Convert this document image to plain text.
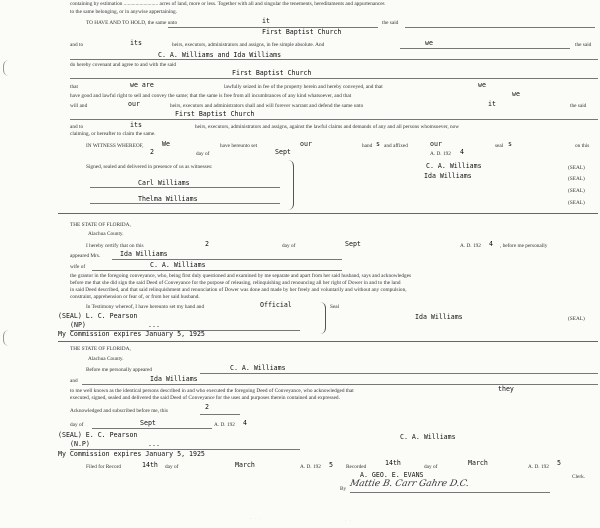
containing by estimation .......................... acres of land, more or less. Together with all and singular the tenements, hereditaments and appurtenances
to the same belonging, or in anywise appertaining.
TO HAVE AND TO HOLD, the same unto	it	the said
First Baptist Church
and to	its	heirs, executors, administrators and assigns, in fee simple absolute. And	we	the said
C. A. Williams and Ida Williams
do hereby covenant and agree to and with the said
First Baptist Church
that	we are	lawfully seized in fee of the property herein and hereby conveyed, and that	we
have good and lawful right to sell and convey the same; that the same is free from all incumbrances of any kind whatsoever, and that	we
will and	our	heirs, executors and administrators shall and will forever warrant and defend the same unto	it	the said
First Baptist Church
and to	its	heirs, executors, administrators and assigns, against the lawful claims and demands of any and all persons whomsoever, now
claiming, or hereafter to claim the same.
IN WITNESS WHEREOF,	We	have hereunto set	our	hand s and affixed	our	seal s	on this
2	day of	Sept	A. D. 192 4
Signed, sealed and delivered in presence of us as witnesses:	C. A. Williams	(SEAL)
Ida Williams	(SEAL)
(SEAL)
(SEAL)
Carl Williams
Thelma Williams
THE STATE OF FLORIDA,
Alachua County.
I hereby certify that on this	2	day of	Sept	A. D. 192 4 , before me personally
appeared Mrs.	Ida Williams
wife of	C. A. Williams
the grantor in the foregoing conveyance, who, being first duly questioned and examined by me separate and apart from her said husband, says and acknowledges
before me that she did sign the said Deed of Conveyance for the purpose of releasing, relinquishing and renouncing all her right of Dower in and to the land
in said Deed described, and that said relinquishment and renunciation of Dower was done and made by her freely and voluntarily and without any compulsion,
constraint, apprehension or fear of, or from her said husband.
In Testimony whereof, I have hereunto set my hand and	Official	Seal
(SEAL) L. C. Pearson
(NP)	...
Ida Williams	(SEAL)
My Commission expires January 5, 1925
THE STATE OF FLORIDA,
Alachua County.
Before me personally appeared	C. A. Williams
and	Ida Williams
to me well known as the identical persons described in and who executed the foregoing Deed of Conveyance, who acknowledged that	they
executed, signed, sealed and delivered the said Deed of Conveyance for the uses and purposes therein contained and expressed.
Acknowledged and subscribed before me, this	2
day of	Sept	A. D. 192 4
(SEAL) E. C. Pearson
(N.P)	...
C. A. Williams
My Commission expires January 5, 1925
Filed for Record	14th day of	March	A. D. 192 5 Recorded	14th	day of	March	A. D. 192 5
A. GEO. E. EVANS	Clerk.
By Mattie B. Carr Gahre D.C.
· · ·	· ·
